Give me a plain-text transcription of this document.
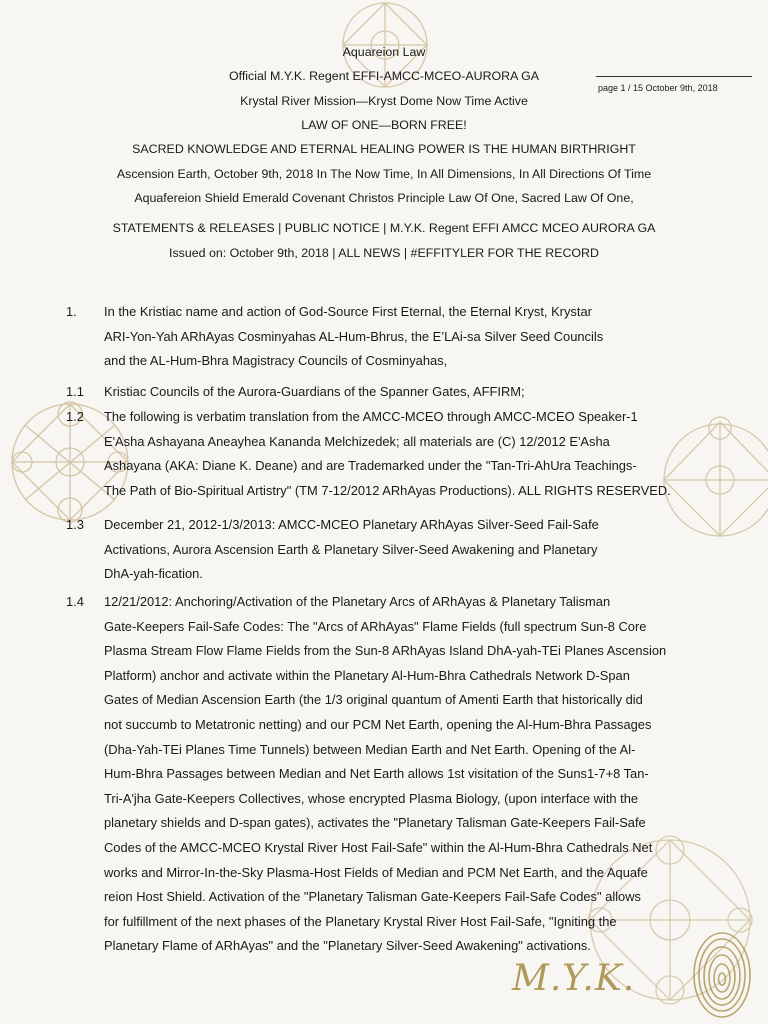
Aquareion Law
Official M.Y.K. Regent EFFI-AMCC-MCEO-AURORA GA
Krystal River Mission—Kryst Dome Now Time Active
LAW OF ONE—BORN FREE!
SACRED KNOWLEDGE AND ETERNAL HEALING POWER IS THE HUMAN BIRTHRIGHT
Ascension Earth, October 9th, 2018 In The Now Time, In All Dimensions, In All Directions Of Time
Aquafereion Shield Emerald Covenant Christos Principle Law Of One, Sacred Law Of One,
STATEMENTS & RELEASES | PUBLIC NOTICE | M.Y.K. Regent EFFI AMCC MCEO AURORA GA
Issued on: October 9th, 2018 | ALL NEWS | #EFFITYLER FOR THE RECORD
page 1 / 15 October 9th, 2018
1. In the Kristiac name and action of God-Source First Eternal, the Eternal Kryst, Krystar
ARI-Yon-Yah ARhAyas Cosminyahas AL-Hum-Bhrus, the E’LAi-sa Silver Seed Councils
and the AL-Hum-Bhra Magistracy Councils of Cosminyahas,
1.1 Kristiac Councils of the Aurora-Guardians of the Spanner Gates, AFFIRM;
1.2 The following is verbatim translation from the AMCC-MCEO through AMCC-MCEO Speaker-1
E'Asha Ashayana Aneayhea Kananda Melchizedek; all materials are (C) 12/2012 E'Asha
Ashayana (AKA: Diane K. Deane) and are Trademarked under the "Tan-Tri-AhUra Teachings-
The Path of Bio-Spiritual Artistry" (TM 7-12/2012 ARhAyas Productions). ALL RIGHTS RESERVED.
1.3 December 21, 2012-1/3/2013: AMCC-MCEO Planetary ARhAyas Silver-Seed Fail-Safe
Activations, Aurora Ascension Earth & Planetary Silver-Seed Awakening and Planetary
DhA-yah-fication.
1.4 12/21/2012: Anchoring/Activation of the Planetary Arcs of ARhAyas & Planetary Talisman
Gate-Keepers Fail-Safe Codes: The "Arcs of ARhAyas" Flame Fields (full spectrum Sun-8 Core
Plasma Stream Flow Flame Fields from the Sun-8 ARhAyas Island DhA-yah-TEi Planes Ascension
Platform) anchor and activate within the Planetary Al-Hum-Bhra Cathedrals Network D-Span
Gates of Median Ascension Earth (the 1/3 original quantum of Amenti Earth that historically did
not succumb to Metatronic netting) and our PCM Net Earth, opening the Al-Hum-Bhra Passages
(Dha-Yah-TEi Planes Time Tunnels) between Median Earth and Net Earth. Opening of the Al-
Hum-Bhra Passages between Median and Net Earth allows 1st visitation of the Suns1-7+8 Tan-
Tri-A'jha Gate-Keepers Collectives, whose encrypted Plasma Biology, (upon interface with the
planetary shields and D-span gates), activates the "Planetary Talisman Gate-Keepers Fail-Safe
Codes of the AMCC-MCEO Krystal River Host Fail-Safe" within the Al-Hum-Bhra Cathedrals Net
works and Mirror-In-the-Sky Plasma-Host Fields of Median and PCM Net Earth, and the Aquafe
reion Host Shield. Activation of the "Planetary Talisman Gate-Keepers Fail-Safe Codes" allows
for fulfillment of the next phases of the Planetary Krystal River Host Fail-Safe, "Igniting the
Planetary Flame of ARhAyas" and the "Planetary Silver-Seed Awakening" activations.
M.Y.K.
